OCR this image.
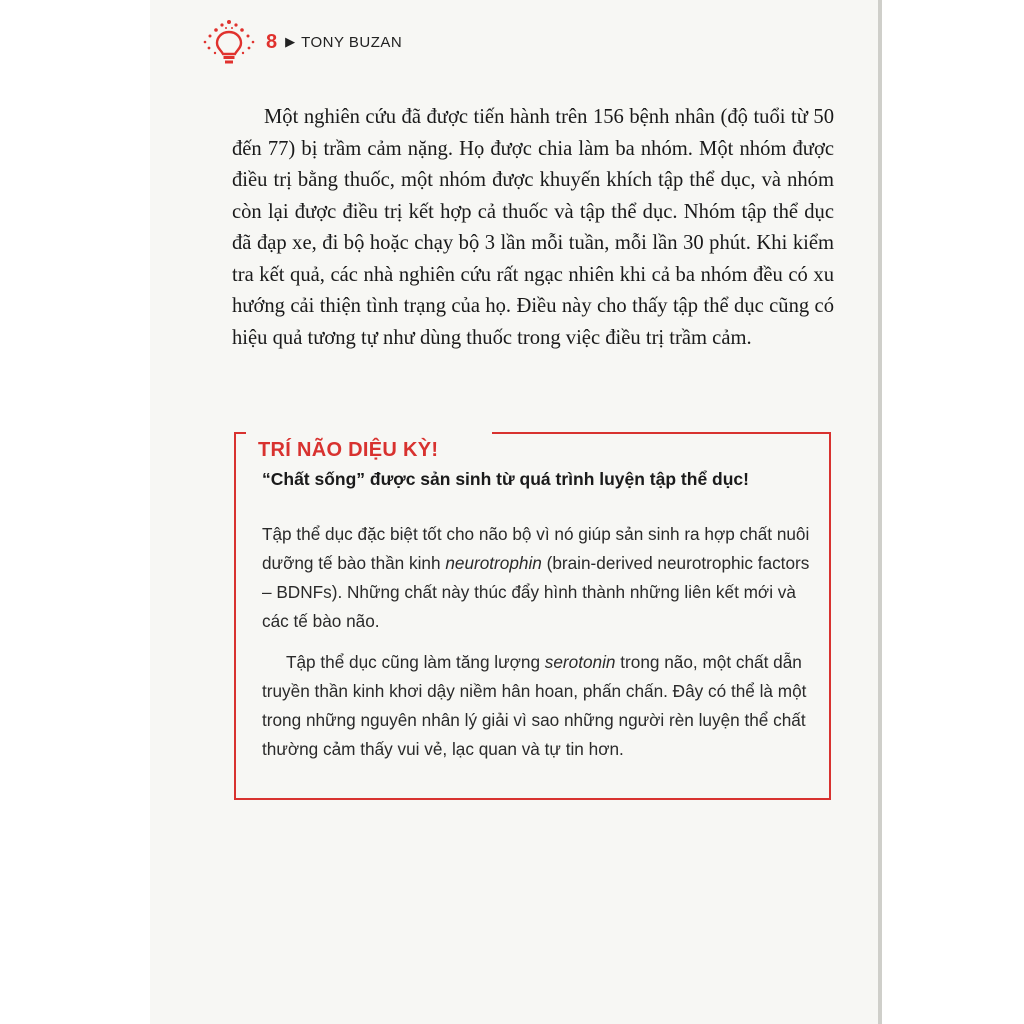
8 ▶ TONY BUZAN

Một nghiên cứu đã được tiến hành trên 156 bệnh nhân (độ tuổi từ 50 đến 77) bị trầm cảm nặng. Họ được chia làm ba nhóm. Một nhóm được điều trị bằng thuốc, một nhóm được khuyến khích tập thể dục, và nhóm còn lại được điều trị kết hợp cả thuốc và tập thể dục. Nhóm tập thể dục đã đạp xe, đi bộ hoặc chạy bộ 3 lần mỗi tuần, mỗi lần 30 phút. Khi kiểm tra kết quả, các nhà nghiên cứu rất ngạc nhiên khi cả ba nhóm đều có xu hướng cải thiện tình trạng của họ. Điều này cho thấy tập thể dục cũng có hiệu quả tương tự như dùng thuốc trong việc điều trị trầm cảm.

TRÍ NÃO DIỆU KỲ!

“Chất sống” được sản sinh từ quá trình luyện tập thể dục!

Tập thể dục đặc biệt tốt cho não bộ vì nó giúp sản sinh ra hợp chất nuôi dưỡng tế bào thần kinh neurotrophin (brain-derived neurotrophic factors – BDNFs). Những chất này thúc đẩy hình thành những liên kết mới và các tế bào não.

Tập thể dục cũng làm tăng lượng serotonin trong não, một chất dẫn truyền thần kinh khơi dậy niềm hân hoan, phấn chấn. Đây có thể là một trong những nguyên nhân lý giải vì sao những người rèn luyện thể chất thường cảm thấy vui vẻ, lạc quan và tự tin hơn.
